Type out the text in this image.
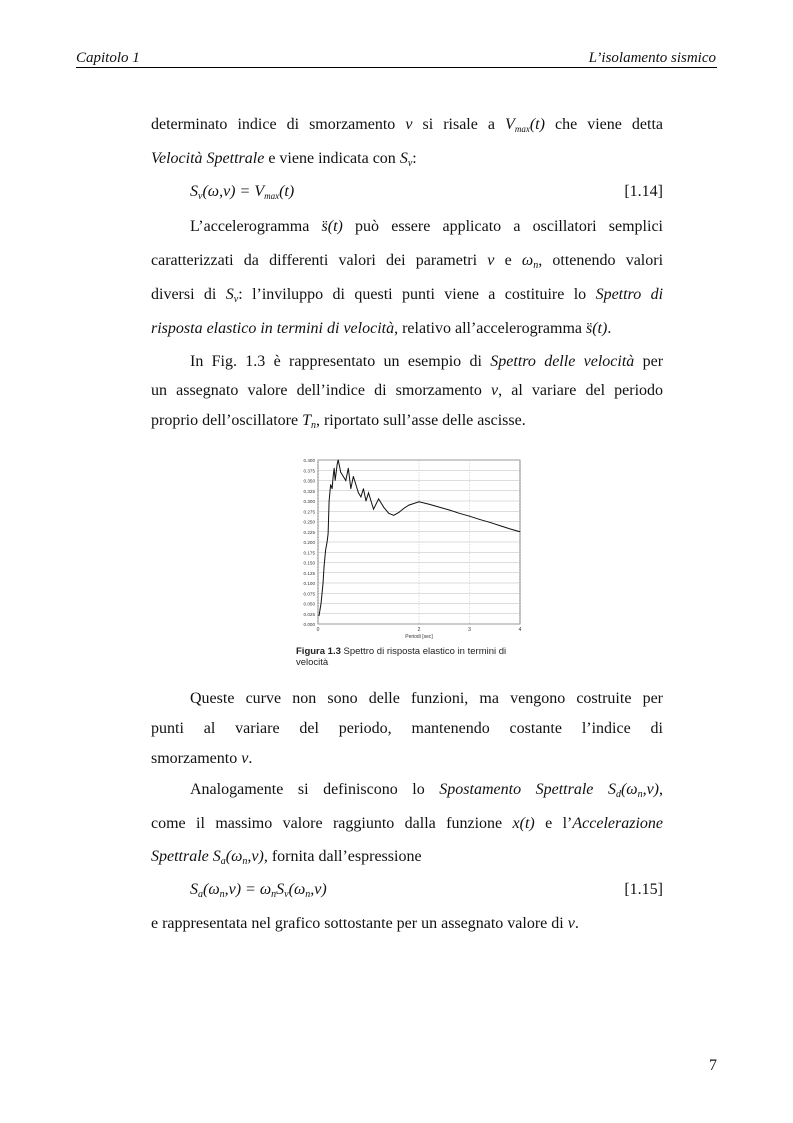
Capitolo 1	L’isolamento sismico
determinato indice di smorzamento ν si risale a Vmax(t) che viene detta
Velocità Spettrale e viene indicata con $S_v$:
$S_v(\omega,\nu) = Vmax(t)$	[1.14]
L’accelerogramma s̈(t) può essere applicato a oscillatori semplici
caratterizzati da differenti valori dei parametri ν e $\omega_n$, ottenendo valori
diversi di $S_v$: l’inviluppo di questi punti viene a costituire lo Spettro di
risposta elastico in termini di velocità, relativo all’accelerogramma s̈(t).
In Fig. 1.3 è rappresentato un esempio di Spettro delle velocità per
un assegnato valore dell’indice di smorzamento ν, al variare del periodo
proprio dell’oscillatore $T_n$, riportato sull’asse delle ascisse.
0.000
0.025
0.050
0.075
0.100
0.125
0.150
0.175
0.200
0.225
0.250
0.275
0.300
0.325
0.350
0.375
0.400
0	2	3	4
Periodi [sec]
Figura 1.3 Spettro di risposta elastico in termini di velocità
Queste curve non sono delle funzioni, ma vengono costruite per
punti al variare del periodo, mantenendo costante l’indice di
smorzamento ν.
Analogamente si definiscono lo Spostamento Spettrale $S_d(\omega_n,\nu)$,
come il massimo valore raggiunto dalla funzione x(t) e l’Accelerazione
Spettrale $S_a(\omega_n,\nu)$, fornita dall’espressione
$S_a(\omega_n,\nu) = \omega_nS_v(\omega_n,\nu)$	[1.15]
e rappresentata nel grafico sottostante per un assegnato valore di ν.
7
